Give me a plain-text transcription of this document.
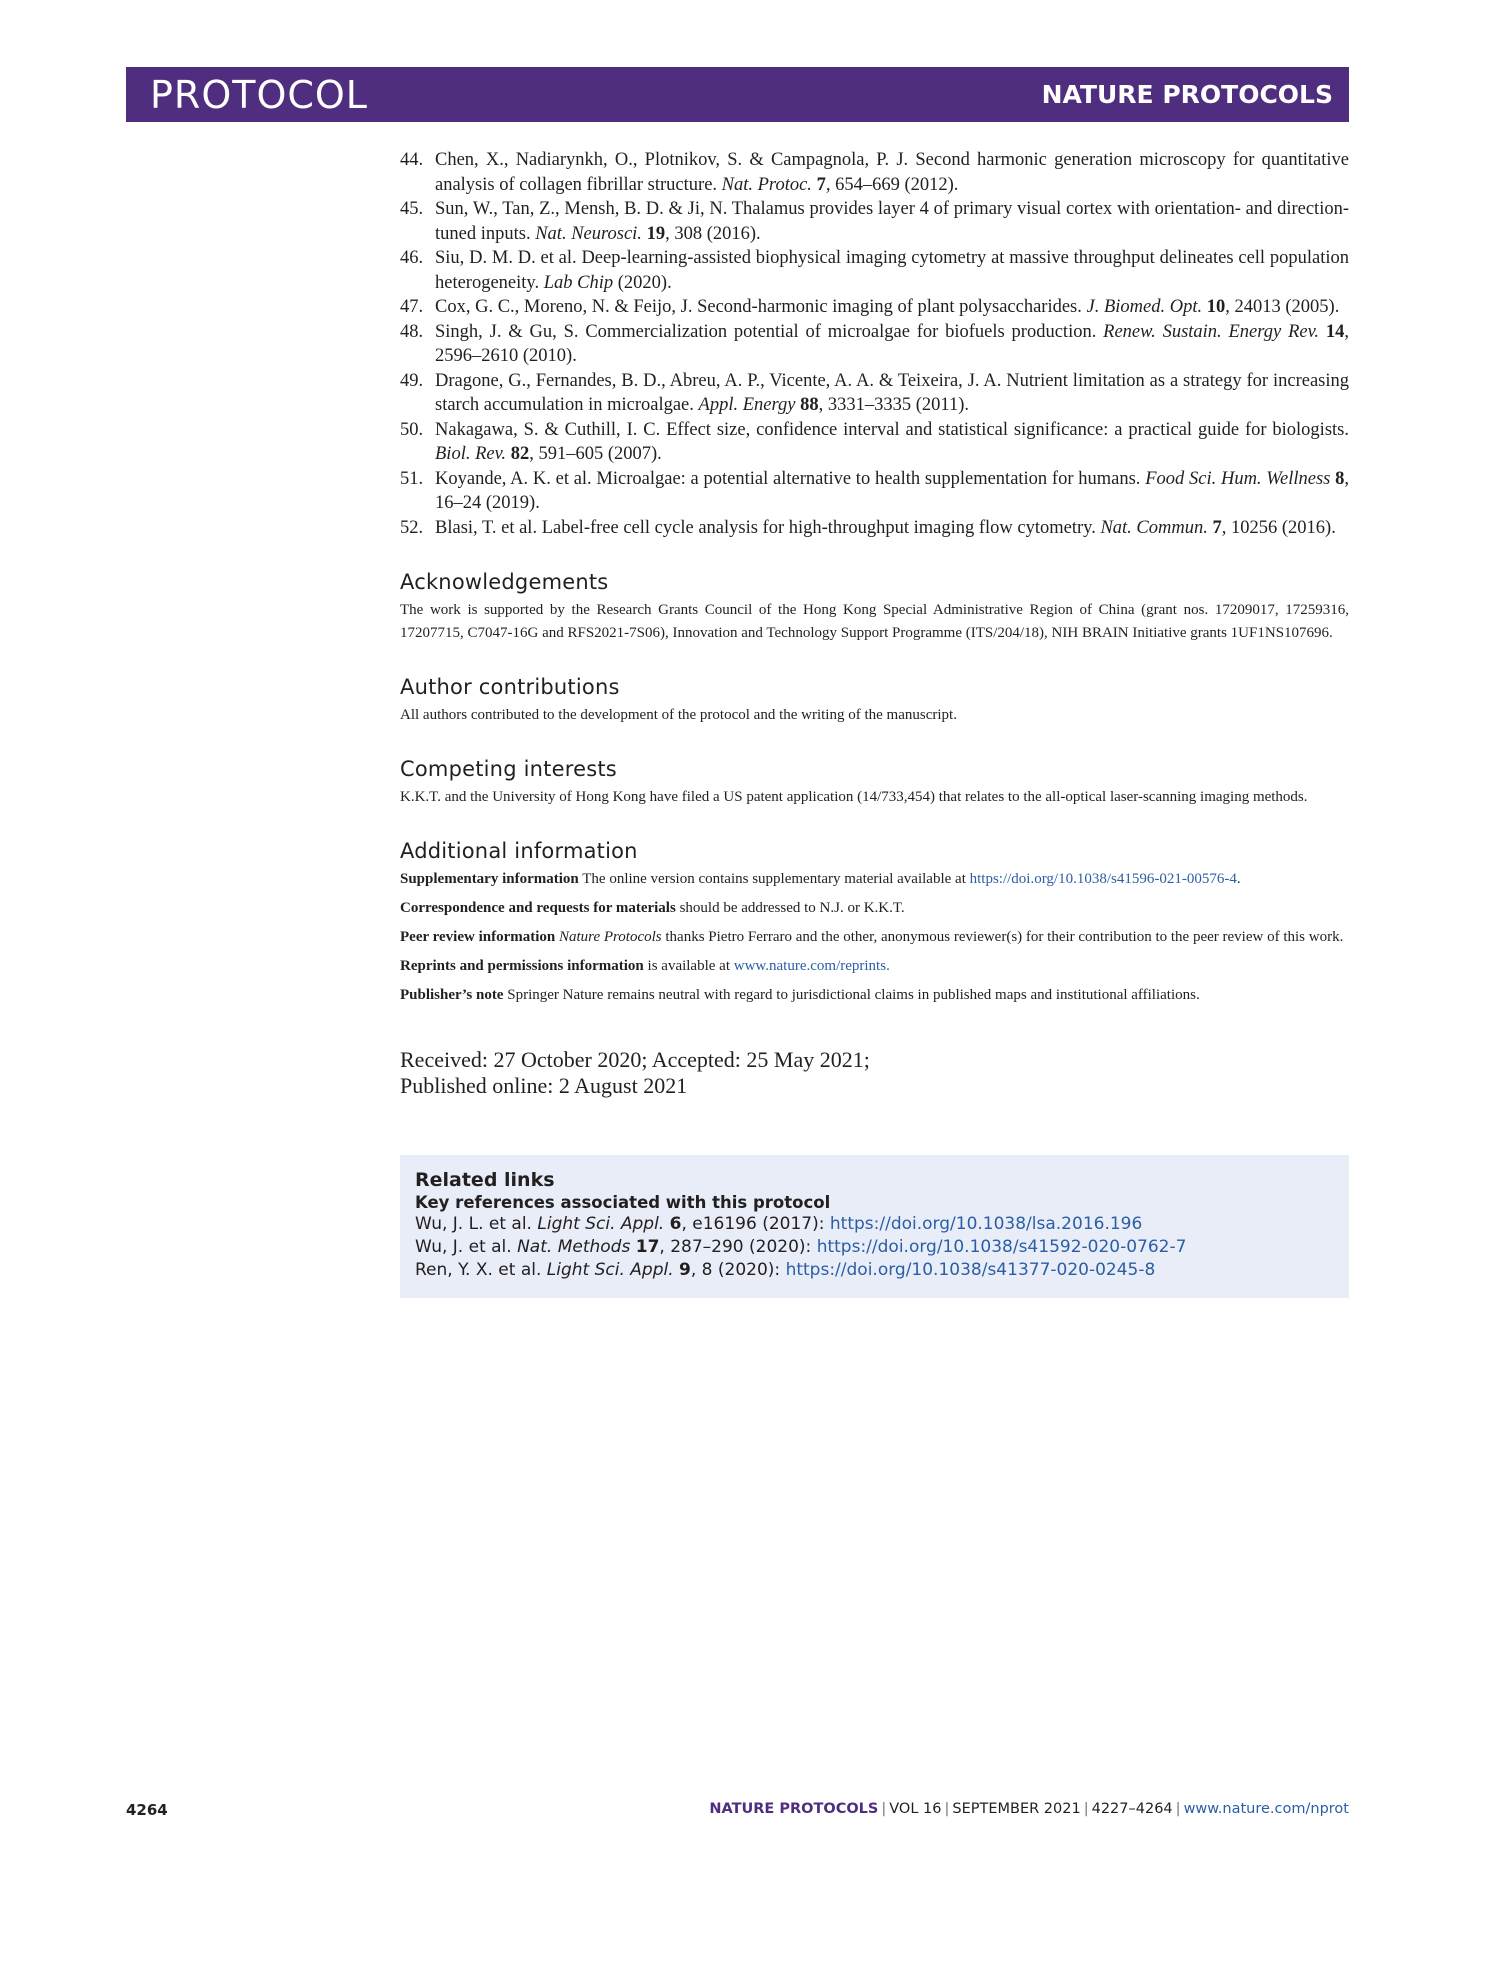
PROTOCOL	NATURE PROTOCOLS
44. Chen, X., Nadiarynkh, O., Plotnikov, S. & Campagnola, P. J. Second harmonic generation microscopy for quantitative analysis of collagen fibrillar structure. Nat. Protoc. 7, 654–669 (2012).
45. Sun, W., Tan, Z., Mensh, B. D. & Ji, N. Thalamus provides layer 4 of primary visual cortex with orientation- and direction-tuned inputs. Nat. Neurosci. 19, 308 (2016).
46. Siu, D. M. D. et al. Deep-learning-assisted biophysical imaging cytometry at massive throughput delineates cell population heterogeneity. Lab Chip (2020).
47. Cox, G. C., Moreno, N. & Feijo, J. Second-harmonic imaging of plant polysaccharides. J. Biomed. Opt. 10, 24013 (2005).
48. Singh, J. & Gu, S. Commercialization potential of microalgae for biofuels production. Renew. Sustain. Energy Rev. 14, 2596–2610 (2010).
49. Dragone, G., Fernandes, B. D., Abreu, A. P., Vicente, A. A. & Teixeira, J. A. Nutrient limitation as a strategy for increasing starch accumulation in microalgae. Appl. Energy 88, 3331–3335 (2011).
50. Nakagawa, S. & Cuthill, I. C. Effect size, confidence interval and statistical significance: a practical guide for biologists. Biol. Rev. 82, 591–605 (2007).
51. Koyande, A. K. et al. Microalgae: a potential alternative to health supplementation for humans. Food Sci. Hum. Wellness 8, 16–24 (2019).
52. Blasi, T. et al. Label-free cell cycle analysis for high-throughput imaging flow cytometry. Nat. Commun. 7, 10256 (2016).
Acknowledgements
The work is supported by the Research Grants Council of the Hong Kong Special Administrative Region of China (grant nos. 17209017, 17259316, 17207715, C7047-16G and RFS2021-7S06), Innovation and Technology Support Programme (ITS/204/18), NIH BRAIN Initiative grants 1UF1NS107696.
Author contributions
All authors contributed to the development of the protocol and the writing of the manuscript.
Competing interests
K.K.T. and the University of Hong Kong have filed a US patent application (14/733,454) that relates to the all-optical laser-scanning imaging methods.
Additional information

Supplementary information The online version contains supplementary material available at https://doi.org/10.1038/s41596-021-00576-4.

Correspondence and requests for materials should be addressed to N.J. or K.K.T.

Peer review information Nature Protocols thanks Pietro Ferraro and the other, anonymous reviewer(s) for their contribution to the peer review of this work.

Reprints and permissions information is available at www.nature.com/reprints.

Publisher’s note Springer Nature remains neutral with regard to jurisdictional claims in published maps and institutional affiliations.

Received: 27 October 2020; Accepted: 25 May 2021;
Published online: 2 August 2021
Related links
Key references associated with this protocol
Wu, J. L. et al. Light Sci. Appl. 6, e16196 (2017): https://doi.org/10.1038/lsa.2016.196
Wu, J. et al. Nat. Methods 17, 287–290 (2020): https://doi.org/10.1038/s41592-020-0762-7
Ren, Y. X. et al. Light Sci. Appl. 9, 8 (2020): https://doi.org/10.1038/s41377-020-0245-8
4264	NATURE PROTOCOLS | VOL 16 | SEPTEMBER 2021 | 4227–4264 | www.nature.com/nprot
